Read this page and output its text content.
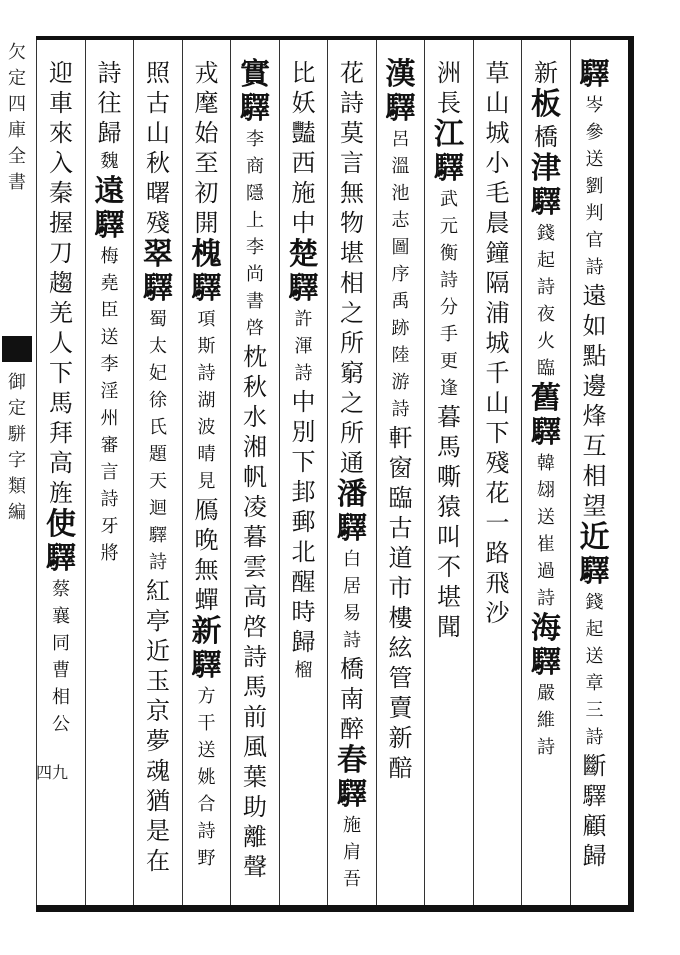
欠
定
四
庫
全
書
御
定
駢
字
類
編
驛
岑
參
送
劉
判
官
詩
遠
如
點
邊
烽
互
相
望
近
驛
錢
起
送
章
三
詩
斷
驛
顧
歸
新
板
橋
津
驛
錢
起
詩
夜
火
臨
舊
驛
韓
翃
送
崔
過
詩
海
驛
嚴
維
詩
草
山
城
小
毛
晨
鐘
隔
浦
城
千
山
下
殘
花
一
路
飛
沙
洲
長
江
驛
武
元
衡
詩
分
手
更
逢
暮
馬
嘶
猿
叫
不
堪
聞
漢
驛
呂
溫
池
志
圖
序
禹
跡
陸
游
詩
軒
窗
臨
古
道
市
樓
絃
管
賣
新
醅
花
詩
莫
言
無
物
堪
相
之
所
窮
之
所
通
潘
驛
白
居
易
詩
橋
南
醉
春
驛
施
肩
吾
比
妖
豔
西
施
中
楚
驛
許
渾
詩
中
別
下
邽
郵
北
醒
時
歸
榴
實
驛
李
商
隱
上
李
尚
書
啓
枕
秋
水
湘
帆
凌
暮
雲
高
啓
詩
馬
前
風
葉
助
離
聲
戎
麾
始
至
初
開
槐
驛
項
斯
詩
湖
波
晴
見
鴈
晚
無
蟬
新
驛
方
干
送
姚
合
詩
野
照
古
山
秋
曙
殘
翠
驛
蜀
太
妃
徐
氏
題
天
迴
驛
詩
紅
亭
近
玉
京
夢
魂
猶
是
在
詩
往
歸
魏
遠
驛
梅
堯
臣
送
李
淫
州
審
言
詩
牙
將
迎
車
來
入
秦
握
刀
趨
羌
人
下
馬
拜
高
旌
使
驛
蔡
襄
同
曹
相
公
四九
